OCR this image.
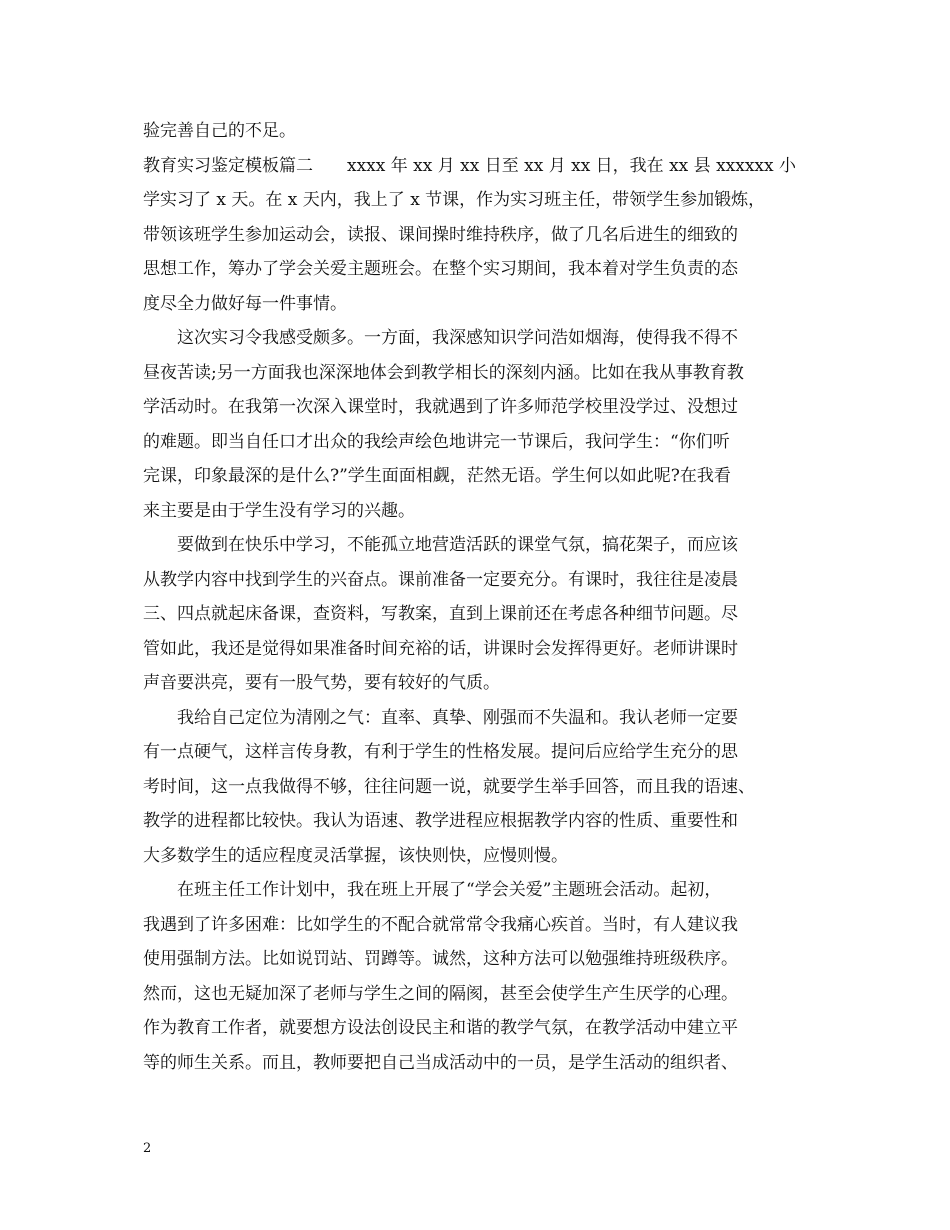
验完善自己的不足。
教育实习鉴定模板篇二　　xxxx 年 xx 月 xx 日至 xx 月 xx 日，我在 xx 县 xxxxxx 小
学实习了 x 天。在 x 天内，我上了 x 节课，作为实习班主任，带领学生参加锻炼，
带领该班学生参加运动会，读报、课间操时维持秩序，做了几名后进生的细致的
思想工作，筹办了学会关爱主题班会。在整个实习期间，我本着对学生负责的态
度尽全力做好每一件事情。
这次实习令我感受颇多。一方面，我深感知识学问浩如烟海，使得我不得不
昼夜苦读;另一方面我也深深地体会到教学相长的深刻内涵。比如在我从事教育教
学活动时。在我第一次深入课堂时，我就遇到了许多师范学校里没学过、没想过
的难题。即当自任口才出众的我绘声绘色地讲完一节课后，我问学生：“你们听
完课，印象最深的是什么?”学生面面相觑，茫然无语。学生何以如此呢?在我看
来主要是由于学生没有学习的兴趣。
要做到在快乐中学习，不能孤立地营造活跃的课堂气氛，搞花架子，而应该
从教学内容中找到学生的兴奋点。课前准备一定要充分。有课时，我往往是凌晨
三、四点就起床备课，查资料，写教案，直到上课前还在考虑各种细节问题。尽
管如此，我还是觉得如果准备时间充裕的话，讲课时会发挥得更好。老师讲课时
声音要洪亮，要有一股气势，要有较好的气质。
我给自己定位为清刚之气：直率、真挚、刚强而不失温和。我认老师一定要
有一点硬气，这样言传身教，有利于学生的性格发展。提问后应给学生充分的思
考时间，这一点我做得不够，往往问题一说，就要学生举手回答，而且我的语速、
教学的进程都比较快。我认为语速、教学进程应根据教学内容的性质、重要性和
大多数学生的适应程度灵活掌握，该快则快，应慢则慢。
在班主任工作计划中，我在班上开展了“学会关爱”主题班会活动。起初，
我遇到了许多困难：比如学生的不配合就常常令我痛心疾首。当时，有人建议我
使用强制方法。比如说罚站、罚蹲等。诚然，这种方法可以勉强维持班级秩序。
然而，这也无疑加深了老师与学生之间的隔阂，甚至会使学生产生厌学的心理。
作为教育工作者，就要想方设法创设民主和谐的教学气氛，在教学活动中建立平
等的师生关系。而且，教师要把自己当成活动中的一员，是学生活动的组织者、
2
